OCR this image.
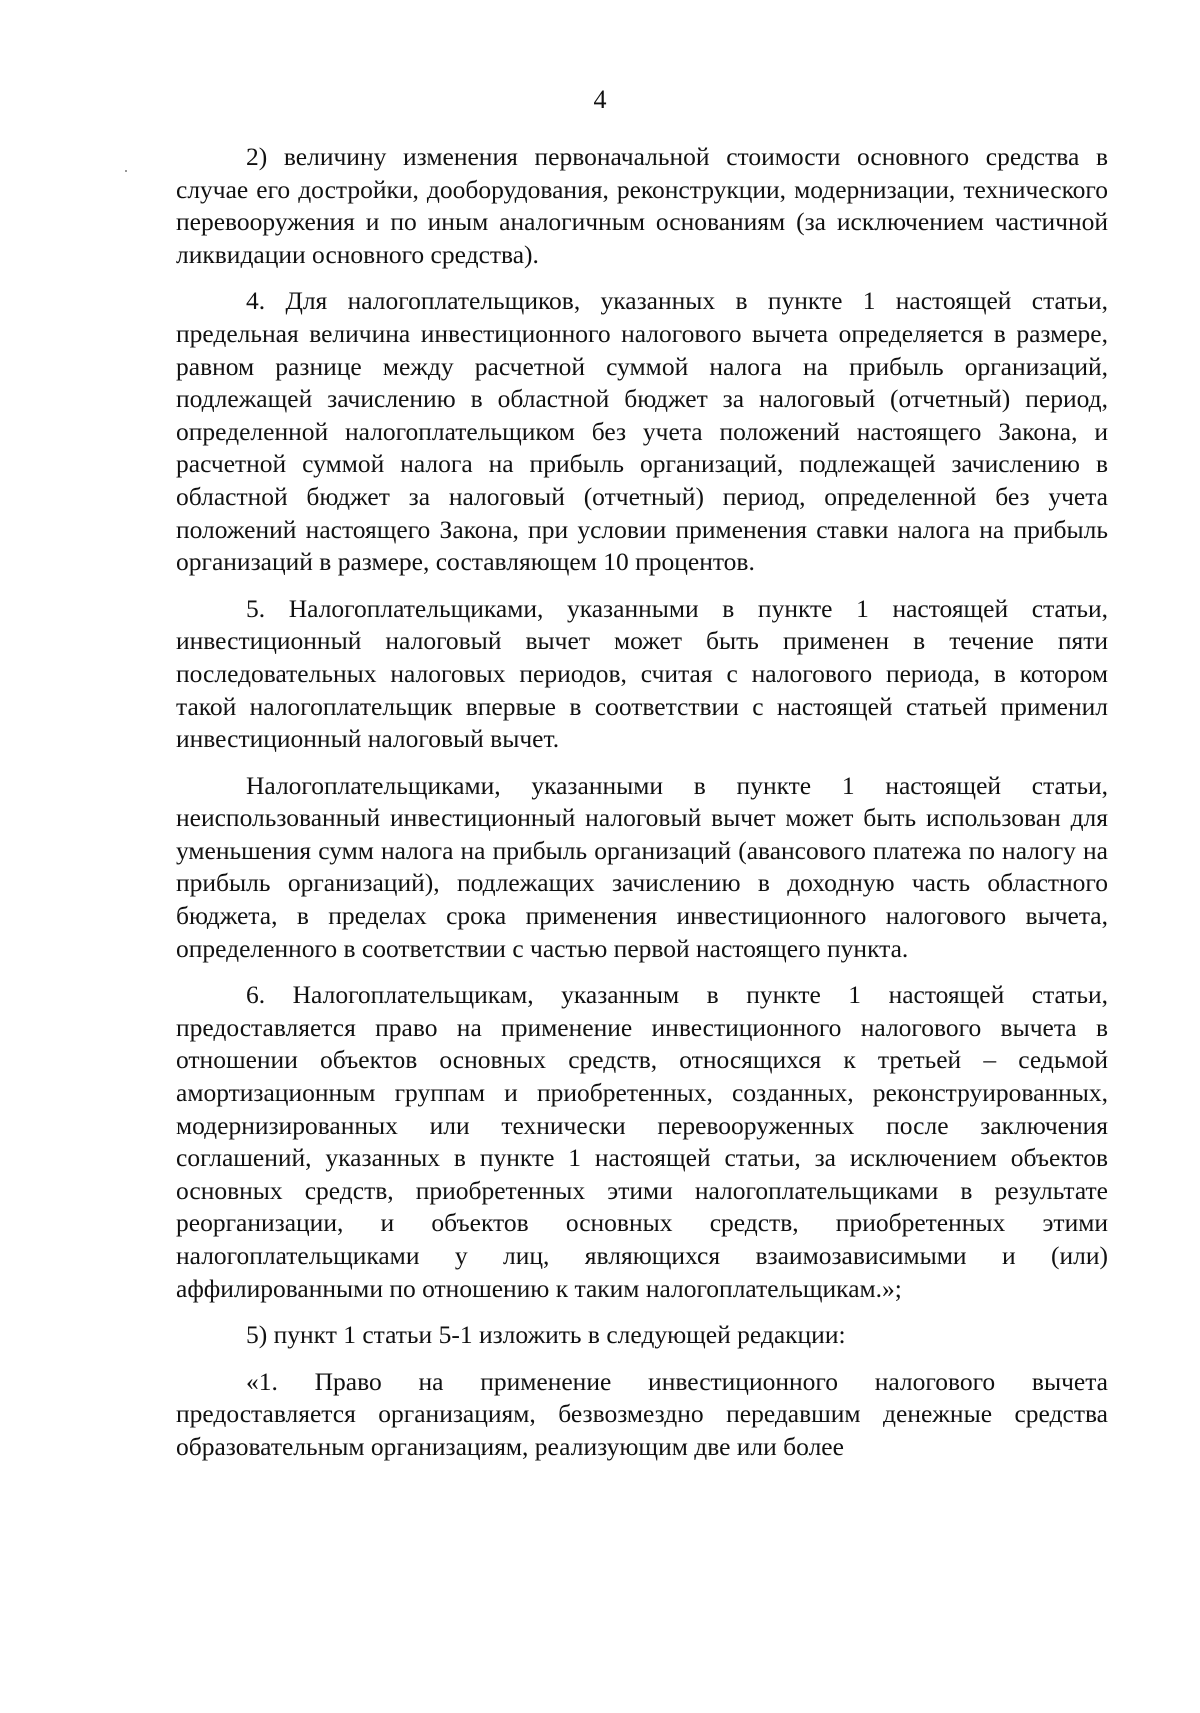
4

2) величину изменения первоначальной стоимости основного средства в случае его достройки, дооборудования, реконструкции, модернизации, технического перевооружения и по иным аналогичным основаниям (за исключением частичной ликвидации основного средства).

4. Для налогоплательщиков, указанных в пункте 1 настоящей статьи, предельная величина инвестиционного налогового вычета определяется в размере, равном разнице между расчетной суммой налога на прибыль организаций, подлежащей зачислению в областной бюджет за налоговый (отчетный) период, определенной налогоплательщиком без учета положений настоящего Закона, и расчетной суммой налога на прибыль организаций, подлежащей зачислению в областной бюджет за налоговый (отчетный) период, определенной без учета положений настоящего Закона, при условии применения ставки налога на прибыль организаций в размере, составляющем 10 процентов.

5. Налогоплательщиками, указанными в пункте 1 настоящей статьи, инвестиционный налоговый вычет может быть применен в течение пяти последовательных налоговых периодов, считая с налогового периода, в котором такой налогоплательщик впервые в соответствии с настоящей статьей применил инвестиционный налоговый вычет.

Налогоплательщиками, указанными в пункте 1 настоящей статьи, неиспользованный инвестиционный налоговый вычет может быть использован для уменьшения сумм налога на прибыль организаций (авансового платежа по налогу на прибыль организаций), подлежащих зачислению в доходную часть областного бюджета, в пределах срока применения инвестиционного налогового вычета, определенного в соответствии с частью первой настоящего пункта.

6. Налогоплательщикам, указанным в пункте 1 настоящей статьи, предоставляется право на применение инвестиционного налогового вычета в отношении объектов основных средств, относящихся к третьей – седьмой амортизационным группам и приобретенных, созданных, реконструированных, модернизированных или технически перевооруженных после заключения соглашений, указанных в пункте 1 настоящей статьи, за исключением объектов основных средств, приобретенных этими налогоплательщиками в результате реорганизации, и объектов основных средств, приобретенных этими налогоплательщиками у лиц, являющихся взаимозависимыми и (или) аффилированными по отношению к таким налогоплательщикам.»;

5) пункт 1 статьи 5-1 изложить в следующей редакции:

«1. Право на применение инвестиционного налогового вычета предоставляется организациям, безвозмездно передавшим денежные средства образовательным организациям, реализующим две или более
